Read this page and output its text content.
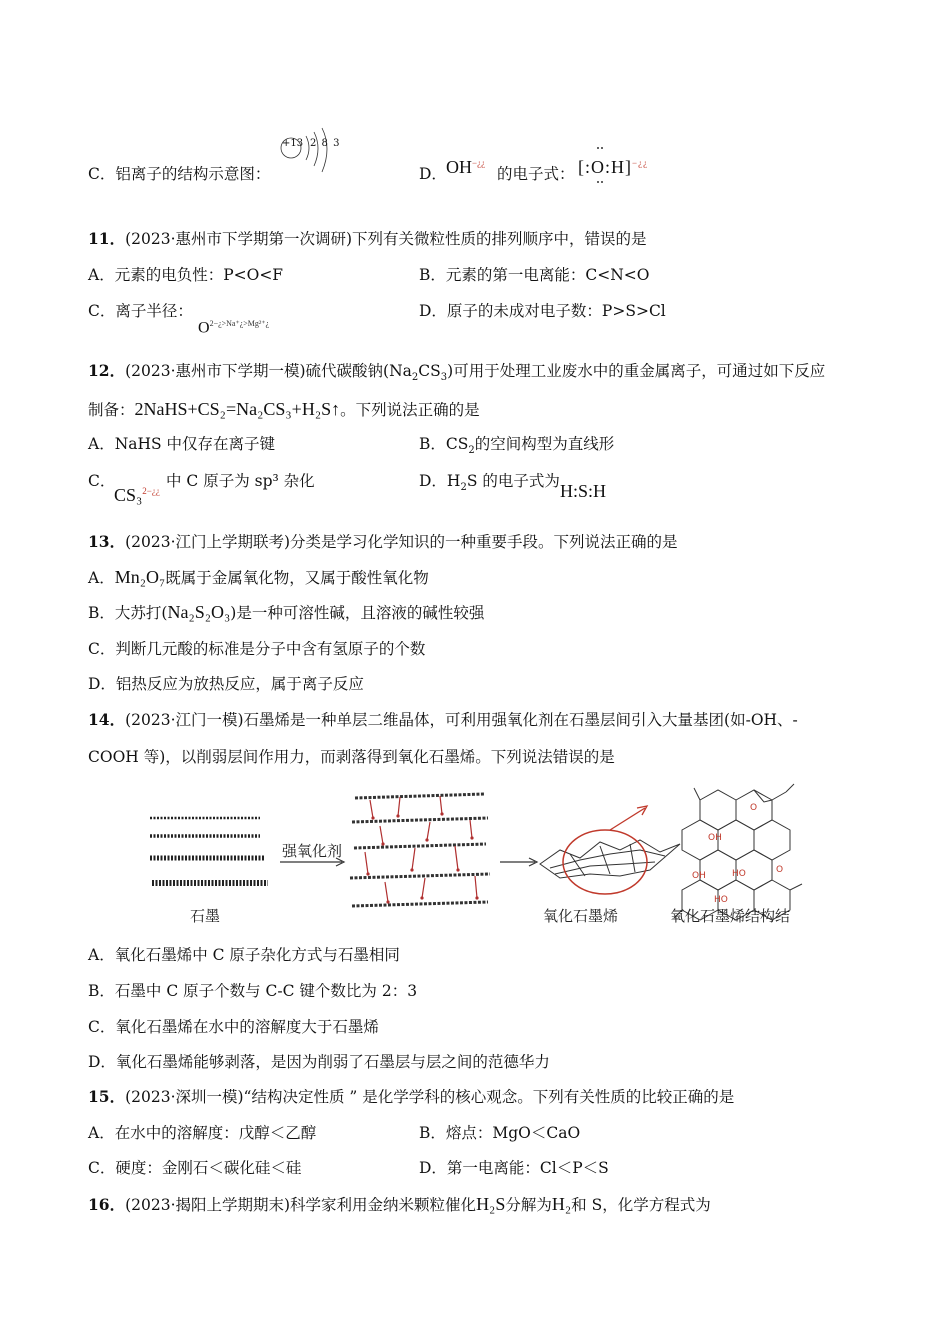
C．铝离子的结构示意图：
+13 2 8 3
D． OH−¿¿
的电子式： [:O:H]−¿¿
11．(2023·惠州市下学期第一次调研)下列有关微粒性质的排列顺序中，错误的是
A．元素的电负性：P<O<F	B．元素的第一电离能：C<N<O
C．离子半径：
$O^{2-¿>Na^+¿>Mg^{2+}¿}$
D．原子的未成对电子数：P>S>Cl
12．(2023·惠州市下学期一模)硫代碳酸钠$(Na_2CS_3)$可用于处理工业废水中的重金属离子，可通过如下反应
制备：2NaHS+CS₂=Na₂CS₃+H₂S↑。下列说法正确的是
A．NaHS 中仅存在离子键	B．$CS_2$的空间构型为直线形
C．
CS₃$^{2-¿¿}$
中 C 原子为 sp³ 杂化	D．$H_2S$ 的电子式为 H:S:H
13．(2023·江门上学期联考)分类是学习化学知识的一种重要手段。下列说法正确的是
A．Mn₂O₇既属于金属氧化物，又属于酸性氧化物
B．大苏打(Na₂S₂O₃)是一种可溶性碱，且溶液的碱性较强
C．判断几元酸的标准是分子中含有氢原子的个数
D．铝热反应为放热反应，属于离子反应
14．(2023·江门一模)石墨烯是一种单层二维晶体，可利用强氧化剂在石墨层间引入大量基团(如-OH、-
COOH 等)，以削弱层间作用力，而剥落得到氧化石墨烯。下列说法错误的是
OH
OH	HO
HO
O
O
强氧化剂
石墨	氧化石墨烯	氧化石墨烯结构结
A．氧化石墨烯中 C 原子杂化方式与石墨相同
B．石墨中 C 原子个数与 C-C 键个数比为 2：3
C．氧化石墨烯在水中的溶解度大于石墨烯
D．氧化石墨烯能够剥落，是因为削弱了石墨层与层之间的范德华力
15．(2023·深圳一模)“结构决定性质 ” 是化学学科的核心观念。下列有关性质的比较正确的是
A．在水中的溶解度：戊醇＜乙醇	B．熔点：MgO＜CaO
C．硬度：金刚石＜碳化硅＜硅	D．第一电离能：Cl＜P＜S
16．(2023·揭阳上学期期末)科学家利用金纳米颗粒催化H₂S分解为H₂和 S，化学方程式为
